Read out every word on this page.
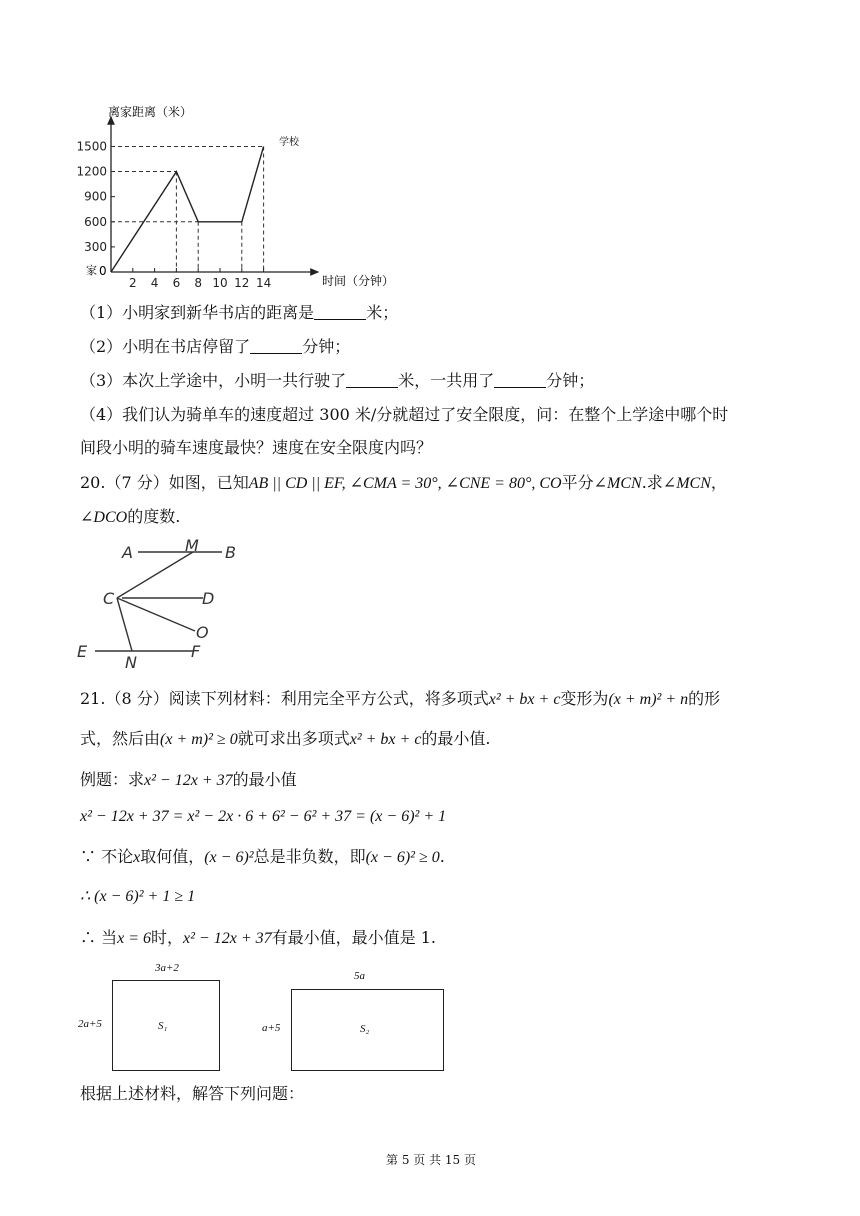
2 4 6 8 10 12 14
300
600
900
1200
1500
离家距离（米）
时间（分钟）
家 0
学校
（1）小明家到新华书店的距离是	米；
（2）小明在书店停留了	分钟；
（3）本次上学途中，小明一共行驶了	米，一共用了	分钟；
（4）我们认为骑单车的速度超过 300 米/分就超过了安全限度，问：在整个上学途中哪个时
间段小明的骑车速度最快？速度在安全限度内吗？
20.（7 分）如图，已知AB || CD || EF, ∠CMA = 30°, ∠CNE = 80°, CO平分∠MCN.求∠MCN，
∠DCO的度数.
A	M B
C	D
O
E
N
F
21.（8 分）阅读下列材料：利用完全平方公式，将多项式x² + bx + c变形为(x + m)² + n的形
式，然后由(x + m)² ≥ 0就可求出多项式x² + bx + c的最小值.
例题：求x² − 12x + 37的最小值
x² − 12x + 37 = x² − 2x · 6 + 6² − 6² + 37 = (x − 6)² + 1
∵ 不论x取何值，(x − 6)²总是非负数，即(x − 6)² ≥ 0.
∴ (x − 6)² + 1 ≥ 1
∴ 当x = 6时，x² − 12x + 37有最小值，最小值是 1.
3a+2
2a+5	S₁
5a
a+5	S₂
根据上述材料，解答下列问题：
第 5 页 共 15 页
